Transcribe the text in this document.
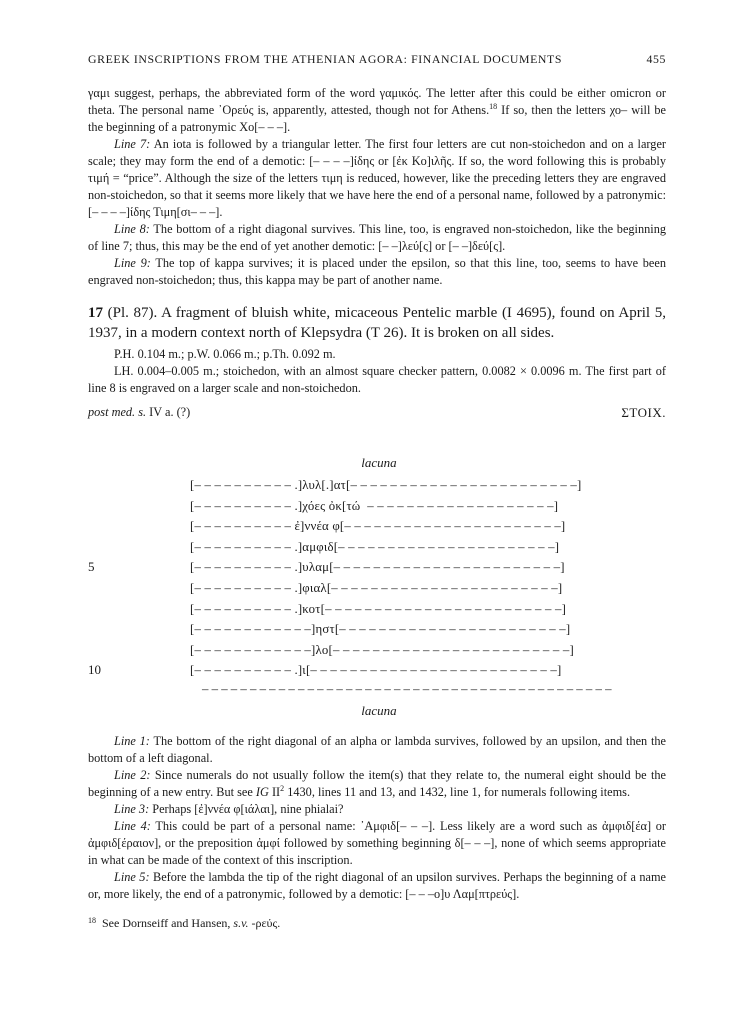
GREEK INSCRIPTIONS FROM THE ATHENIAN AGORA: FINANCIAL DOCUMENTS	455

γαμι suggest, perhaps, the abbreviated form of the word γαμικός. The letter after this could be either omicron or theta. The personal name ᾿Ορεύς is, apparently, attested, though not for Athens.$^{18}$ If so, then the letters χο– will be the beginning of a patronymic Χο[– – –].

Line 7: An iota is followed by a triangular letter. The first four letters are cut non-stoichedon and on a larger scale; they may form the end of a demotic: [– – – –]ίδης or [ἐκ Κο]ιλῆς. If so, the word following this is probably τιμή = “price”. Although the size of the letters τιμη is reduced, however, like the preceding letters they are engraved non-stoichedon, so that it seems more likely that we have here the end of a personal name, followed by a patronymic: [– – – –]ίδης Τιμη[σι– – –].

Line 8: The bottom of a right diagonal survives. This line, too, is engraved non-stoichedon, like the beginning of line 7; thus, this may be the end of yet another demotic: [– –]λεύ[ς] or [– –]δεύ[ς].

Line 9: The top of kappa survives; it is placed under the epsilon, so that this line, too, seems to have been engraved non-stoichedon; thus, this kappa may be part of another name.

17 (Pl. 87). A fragment of bluish white, micaceous Pentelic marble (I 4695), found on April 5, 1937, in a modern context north of Klepsydra (T 26). It is broken on all sides.

P.H. 0.104 m.; p.W. 0.066 m.; p.Th. 0.092 m.

LH. 0.004–0.005 m.; stoichedon, with an almost square checker pattern, 0.0082 × 0.0096 m. The first part of line 8 is engraved on a larger scale and non-stoichedon.

post med. s. IV a. (?)	ΣΤΟΙΧ.
lacuna
[– – – – – – – – – – .]λυλ[.]ατ[– – – – – – – – – – – – – – – – – – – – – – –]
[– – – – – – – – – – .]χόες ὀκ[τώ  – – – – – – – – – – – – – – – – – – –]
[– – – – – – – – – – ἐ]ννέα φ[– – – – – – – – – – – – – – – – – – – – – –]
[– – – – – – – – – – .]αμφιδ[– – – – – – – – – – – – – – – – – – – – – –]
5	[– – – – – – – – – – .]υλαμ[– – – – – – – – – – – – – – – – – – – – – – –]
[– – – – – – – – – – .]φιαλ[– – – – – – – – – – – – – – – – – – – – – – –]
[– – – – – – – – – – .]κοτ[– – – – – – – – – – – – – – – – – – – – – – – –]
[– – – – – – – – – – – –]ηστ[– – – – – – – – – – – – – – – – – – – – – – –]
[– – – – – – – – – – – –]λο[– – – – – – – – – – – – – – – – – – – – – – – –]
10	[– – – – – – – – – – .]ι[– – – – – – – – – – – – – – – – – – – – – – – – –]
– – – – – – – – – – – – – – – – – – – – – – – – – – – – – – – – – – – – – – – – – – –
lacuna

Line 1: The bottom of the right diagonal of an alpha or lambda survives, followed by an upsilon, and then the bottom of a left diagonal.

Line 2: Since numerals do not usually follow the item(s) that they relate to, the numeral eight should be the beginning of a new entry. But see IG $II^2$ 1430, lines 11 and 13, and 1432, line 1, for numerals following items.

Line 3: Perhaps [ἐ]ννέα φ[ιάλαι], nine phialai?

Line 4: This could be part of a personal name: ᾿Αμφιδ[– – –]. Less likely are a word such as ἀμφιδ[έα] or ἀμφιδ[έραιον], or the preposition ἀμφί followed by something beginning δ[– – –], none of which seems appropriate in what can be made of the context of this inscription.

Line 5: Before the lambda the tip of the right diagonal of an upsilon survives. Perhaps the beginning of a name or, more likely, the end of a patronymic, followed by a demotic: [– – –ο]υ Λαμ[πτρεύς].

$^{18}$ See Dornseiff and Hansen, s.v. -ρεύς.
